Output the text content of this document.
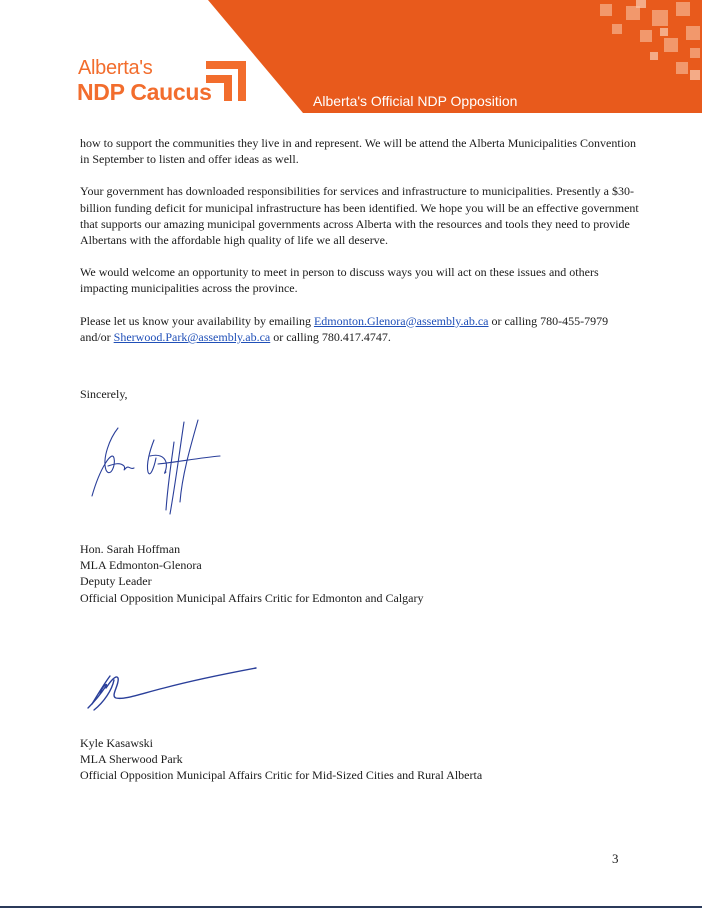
Alberta's
NDP Caucus	Alberta's Official NDP Opposition

how to support the communities they live in and represent. We will be attend the Alberta Municipalities Convention in September to listen and offer ideas as well.

Your government has downloaded responsibilities for services and infrastructure to municipalities. Presently a $30-billion funding deficit for municipal infrastructure has been identified. We hope you will be an effective government that supports our amazing municipal governments across Alberta with the resources and tools they need to provide Albertans with the affordable high quality of life we all deserve.

We would welcome an opportunity to meet in person to discuss ways you will act on these issues and others impacting municipalities across the province.

Please let us know your availability by emailing Edmonton.Glenora@assembly.ab.ca or calling 780-455-7979 and/or Sherwood.Park@assembly.ab.ca or calling 780.417.4747.

Sincerely,
Hon. Sarah Hoffman
MLA Edmonton-Glenora
Deputy Leader
Official Opposition Municipal Affairs Critic for Edmonton and Calgary
Kyle Kasawski
MLA Sherwood Park
Official Opposition Municipal Affairs Critic for Mid-Sized Cities and Rural Alberta
3
